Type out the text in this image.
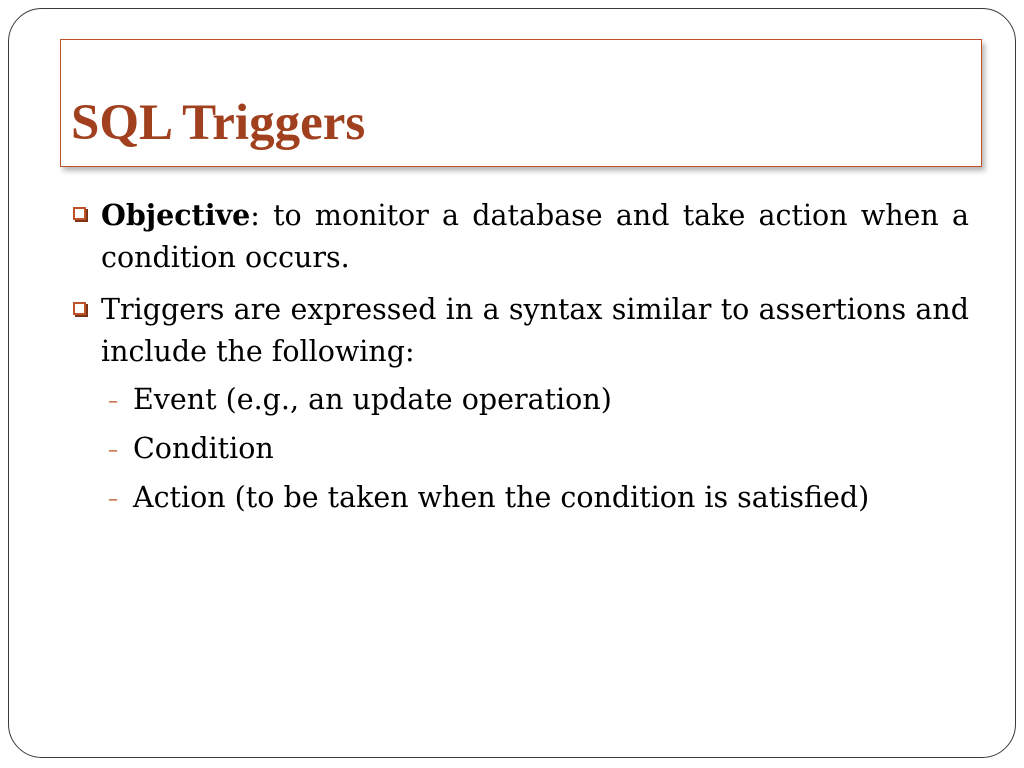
SQL Triggers
Objective: to monitor a database and take action when a condition occurs.
Triggers are expressed in a syntax similar to assertions and include the following:
– Event (e.g., an update operation)
– Condition
– Action (to be taken when the condition is satisfied)
